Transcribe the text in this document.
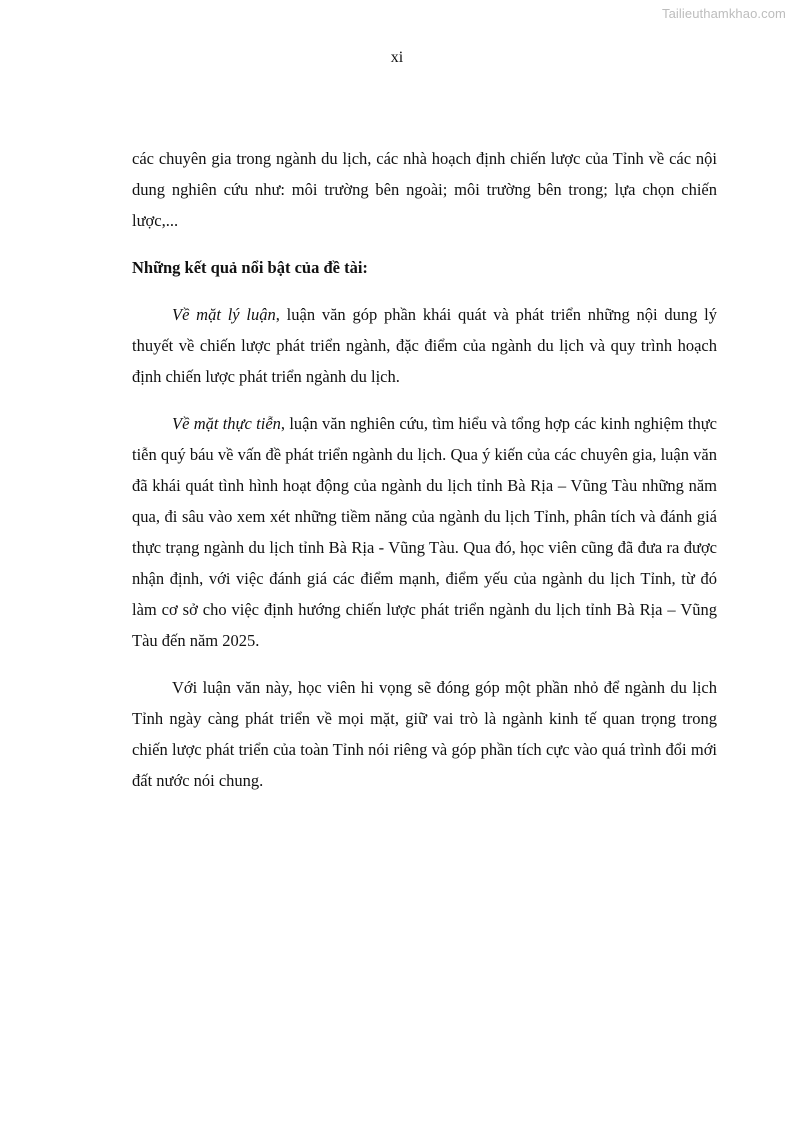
Tailieuthamkhao.com
xi

các chuyên gia trong ngành du lịch, các nhà hoạch định chiến lược của Tỉnh về các nội dung nghiên cứu như: môi trường bên ngoài; môi trường bên trong; lựa chọn chiến lược,...

Những kết quả nổi bật của đề tài:

Về mặt lý luận, luận văn góp phần khái quát và phát triển những nội dung lý thuyết về chiến lược phát triển ngành, đặc điểm của ngành du lịch và quy trình hoạch định chiến lược phát triển ngành du lịch.

Về mặt thực tiễn, luận văn nghiên cứu, tìm hiểu và tổng hợp các kinh nghiệm thực tiễn quý báu về vấn đề phát triển ngành du lịch. Qua ý kiến của các chuyên gia, luận văn đã khái quát tình hình hoạt động của ngành du lịch tỉnh Bà Rịa – Vũng Tàu những năm qua, đi sâu vào xem xét những tiềm năng của ngành du lịch Tỉnh, phân tích và đánh giá thực trạng ngành du lịch tỉnh Bà Rịa - Vũng Tàu. Qua đó, học viên cũng đã đưa ra được nhận định, với việc đánh giá các điểm mạnh, điểm yếu của ngành du lịch Tỉnh, từ đó làm cơ sở cho việc định hướng chiến lược phát triển ngành du lịch tỉnh Bà Rịa – Vũng Tàu đến năm 2025.

Với luận văn này, học viên hi vọng sẽ đóng góp một phần nhỏ để ngành du lịch Tỉnh ngày càng phát triển về mọi mặt, giữ vai trò là ngành kinh tế quan trọng trong chiến lược phát triển của toàn Tỉnh nói riêng và góp phần tích cực vào quá trình đổi mới đất nước nói chung.
